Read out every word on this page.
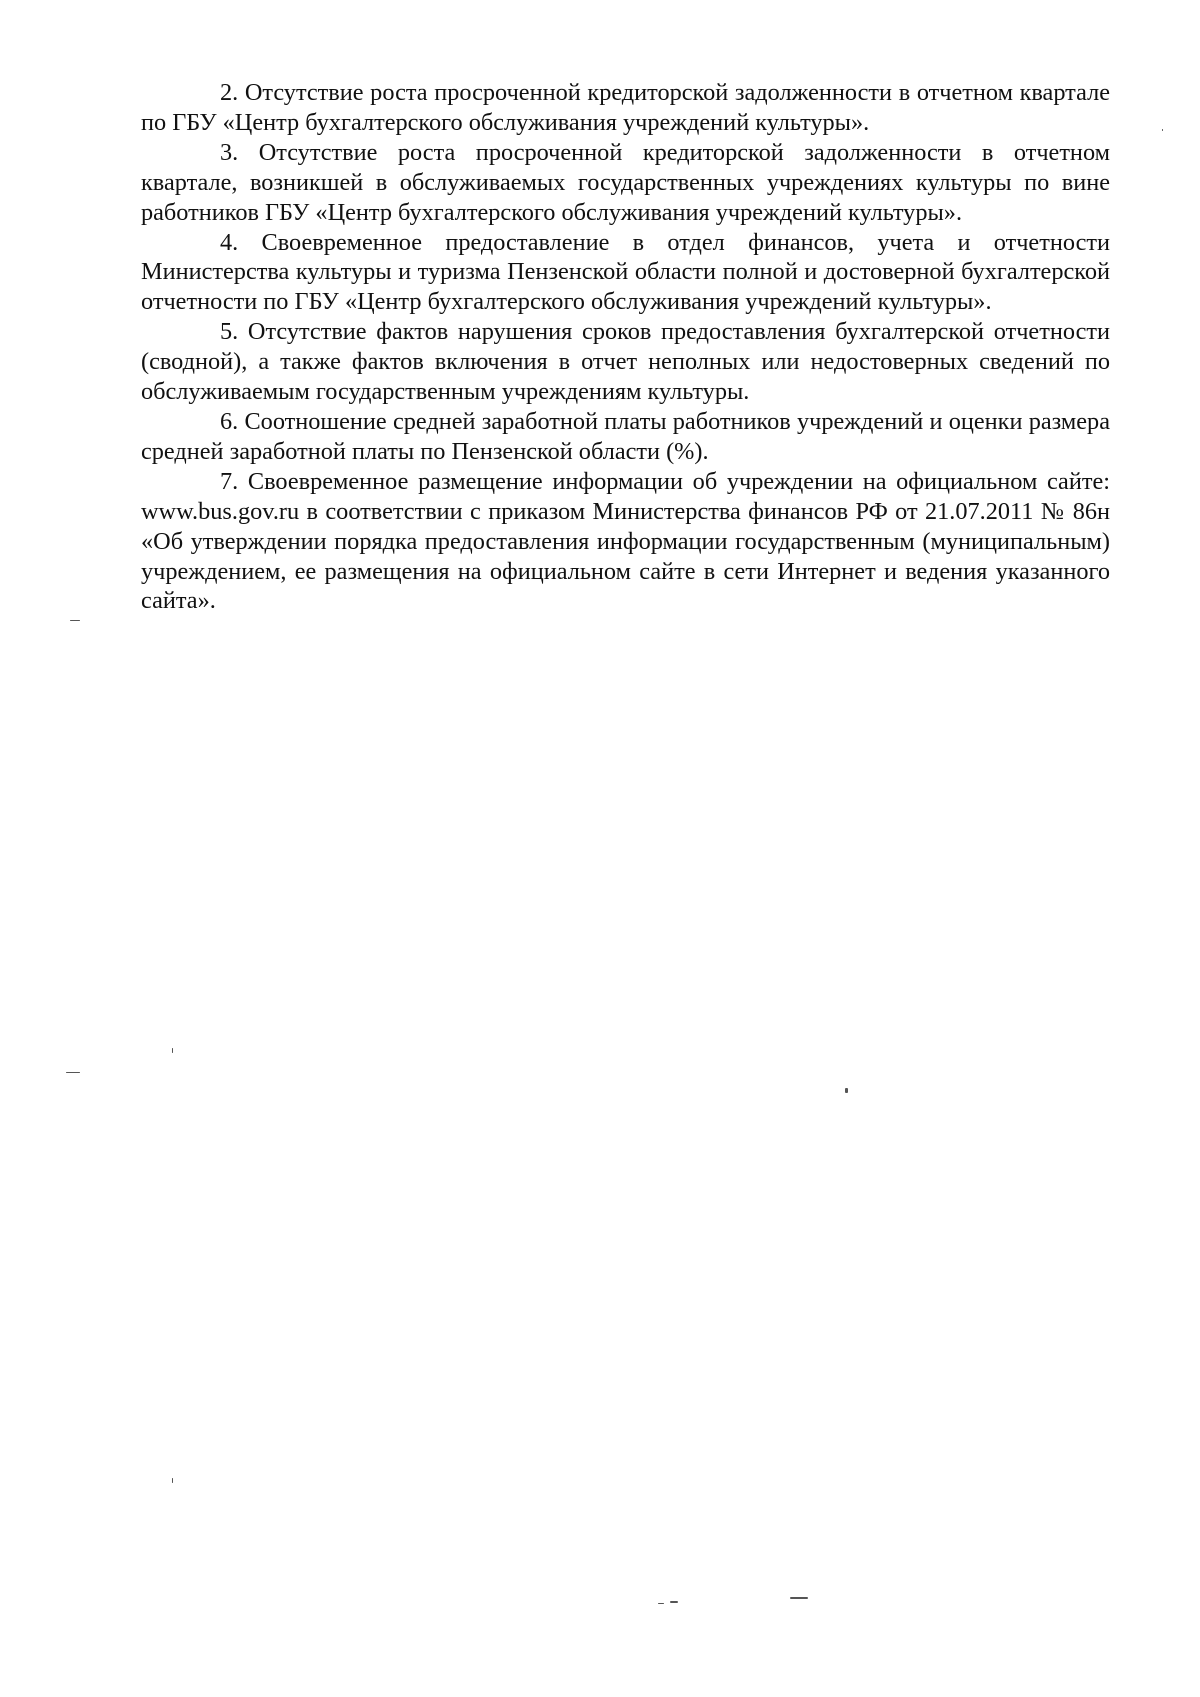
2. Отсутствие роста просроченной кредиторской задолженности в отчетном квартале по ГБУ «Центр бухгалтерского обслуживания учреждений культуры».

3. Отсутствие роста просроченной кредиторской задолженности в отчетном квартале, возникшей в обслуживаемых государственных учреждениях культуры по вине работников ГБУ «Центр бухгалтерского обслуживания учреждений культуры».

4. Своевременное предоставление в отдел финансов, учета и отчетности Министерства культуры и туризма Пензенской области полной и достоверной бухгалтерской отчетности по ГБУ «Центр бухгалтерского обслуживания учреждений культуры».

5. Отсутствие фактов нарушения сроков предоставления бухгалтерской отчетности (сводной), а также фактов включения в отчет неполных или недостоверных сведений по обслуживаемым государственным учреждениям культуры.

6. Соотношение средней заработной платы работников учреждений и оценки размера средней заработной платы по Пензенской области (%).

7. Своевременное размещение информации об учреждении на официальном сайте: www.bus.gov.ru в соответствии с приказом Министерства финансов РФ от 21.07.2011 № 86н «Об утверждении порядка предоставления информации государственным (муниципальным) учреждением, ее размещения на официальном сайте в сети Интернет и ведения указанного сайта».
